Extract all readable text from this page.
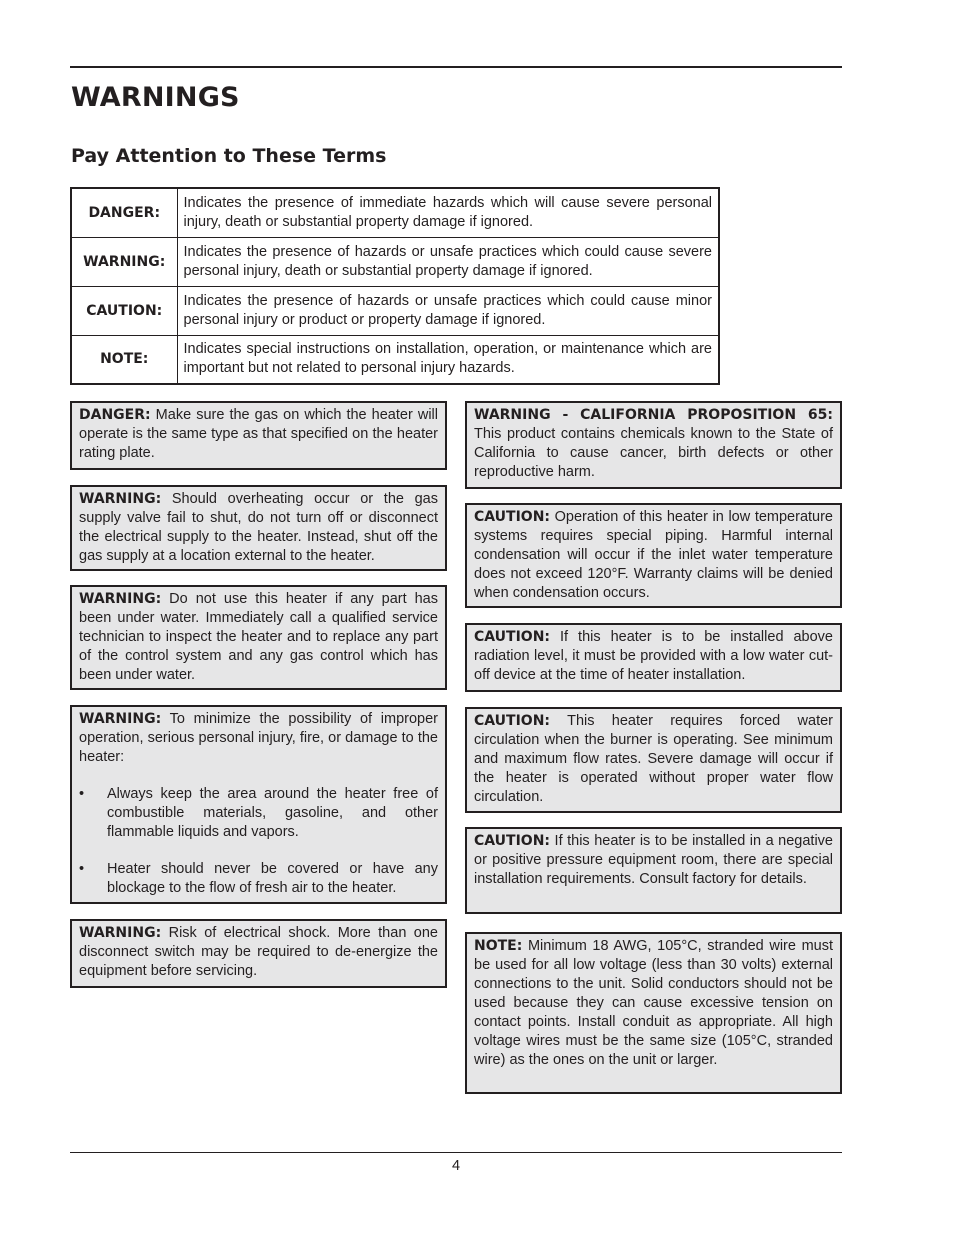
WARNINGS
Pay Attention to These Terms
DANGER:	Indicates the presence of immediate hazards which will cause severe personal injury, death or substantial property damage if ignored.
WARNING:	Indicates the presence of hazards or unsafe practices which could cause severe personal injury, death or substantial property damage if ignored.
CAUTION:	Indicates the presence of hazards or unsafe practices which could cause minor personal injury or product or property damage if ignored.
NOTE:	Indicates special instructions on installation, operation, or maintenance which are important but not related to personal injury hazards.

DANGER: Make sure the gas on which the heater will operate is the same type as that specified on the heater rating plate.

WARNING: Should overheating occur or the gas supply valve fail to shut, do not turn off or disconnect the electrical supply to the heater. Instead, shut off the gas supply at a location external to the heater.

WARNING: Do not use this heater if any part has been under water. Immediately call a qualified service technician to inspect the heater and to replace any part of the control system and any gas control which has been under water.

WARNING: To minimize the possibility of improper operation, serious personal injury, fire, or damage to the heater:

• Always keep the area around the heater free of combustible materials, gasoline, and other flammable liquids and vapors.
• Heater should never be covered or have any blockage to the flow of fresh air to the heater.

WARNING: Risk of electrical shock. More than one disconnect switch may be required to de-energize the equipment before servicing.

WARNING - CALIFORNIA PROPOSITION 65: This product contains chemicals known to the State of California to cause cancer, birth defects or other reproductive harm.

CAUTION: Operation of this heater in low temperature systems requires special piping. Harmful internal condensation will occur if the inlet water temperature does not exceed 120°F. Warranty claims will be denied when condensation occurs.

CAUTION: If this heater is to be installed above radiation level, it must be provided with a low water cut-off device at the time of heater installation.

CAUTION: This heater requires forced water circulation when the burner is operating. See minimum and maximum flow rates. Severe damage will occur if the heater is operated without proper water flow circulation.

CAUTION: If this heater is to be installed in a negative or positive pressure equipment room, there are special installation requirements. Consult factory for details.

NOTE: Minimum 18 AWG, 105°C, stranded wire must be used for all low voltage (less than 30 volts) external connections to the unit. Solid conductors should not be used because they can cause excessive tension on contact points. Install conduit as appropriate. All high voltage wires must be the same size (105°C, stranded wire) as the ones on the unit or larger.

4
